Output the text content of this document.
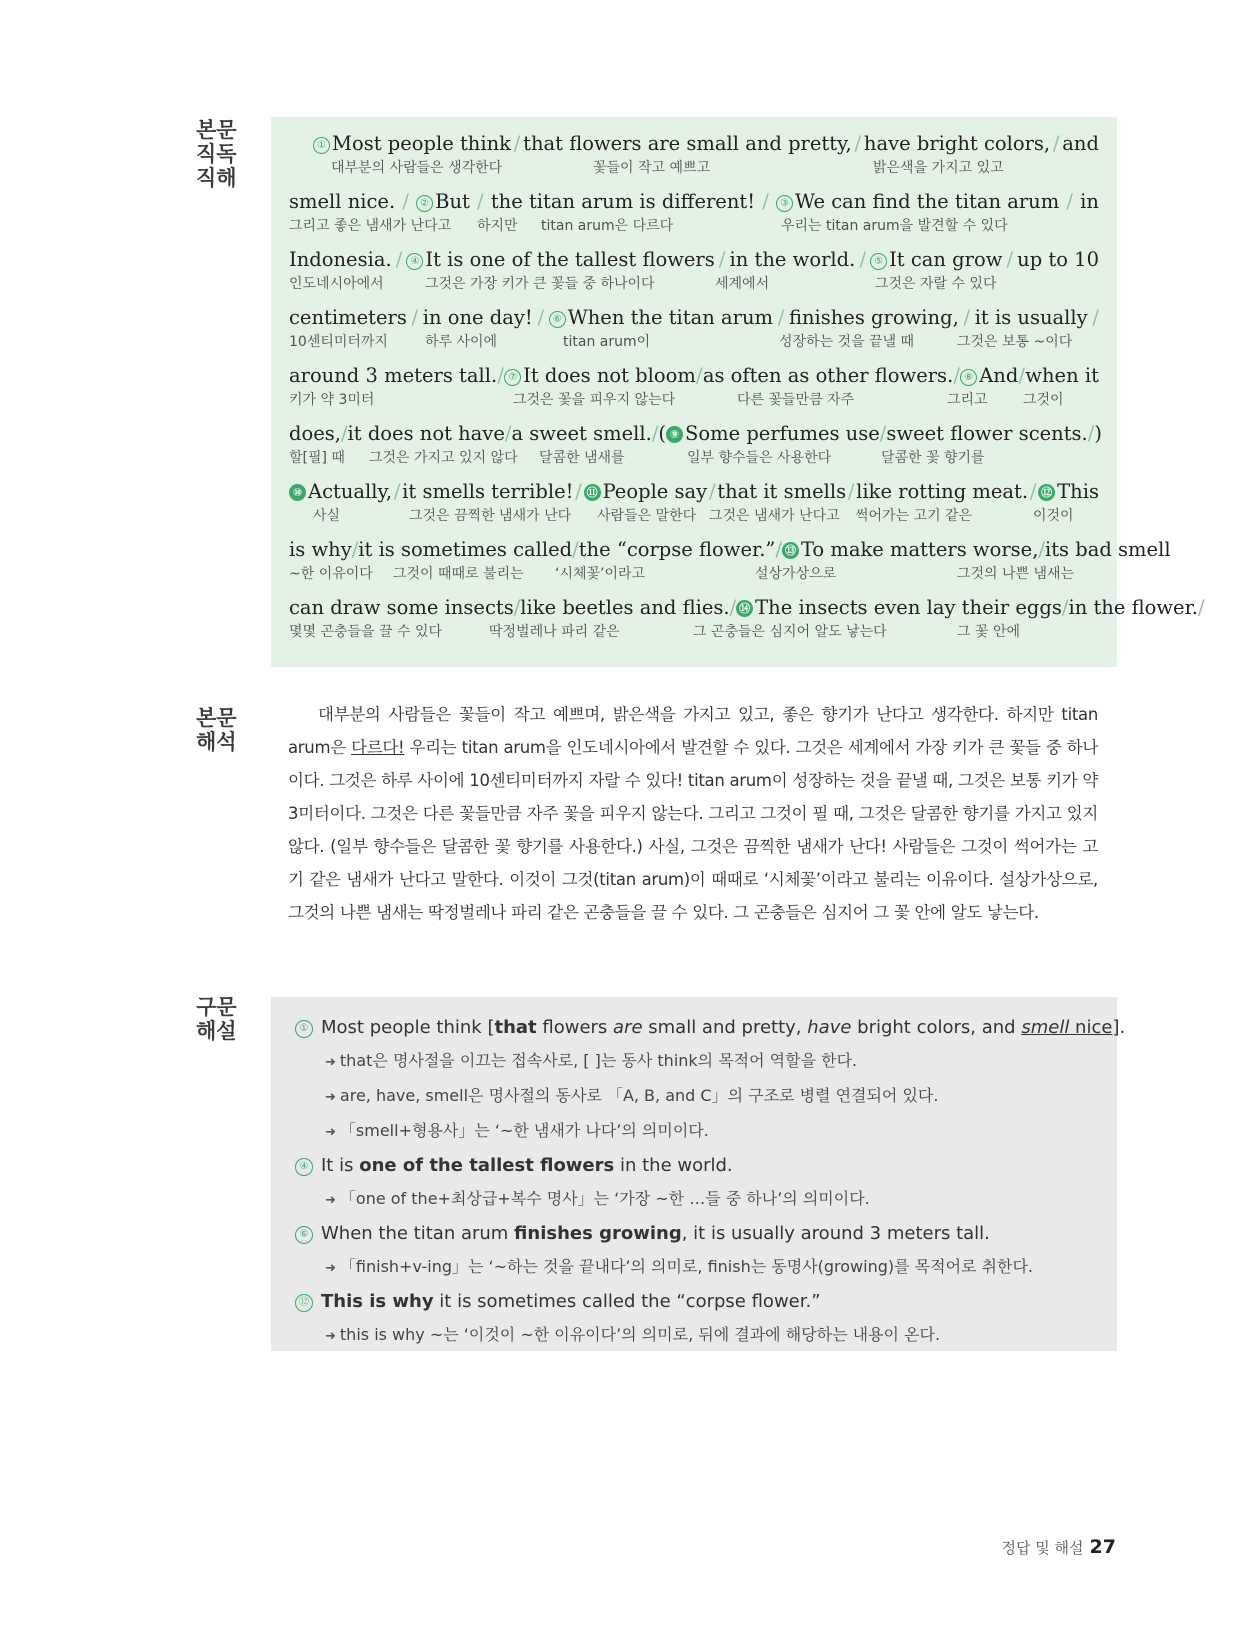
본문
직독
직해
본문
해석
구문
해설
① Most people think / that flowers are small and pretty, / have bright colors, / and
대부분의 사람들은 생각한다	꽃들이 작고 예쁘고	밝은색을 가지고 있고
smell nice. /	② But / the titan arum is different! /	③ We can find the titan arum / in
그리고 좋은 냄새가 난다고 하지만 titan arum은 다르다	우리는 titan arum을 발견할 수 있다
Indonesia. / ④ It is one of the tallest flowers / in the world. / ⑤ It can grow / up to 10
인도네시아에서	그것은 가장 키가 큰 꽃들 중 하나이다	세계에서	그것은 자랄 수 있다
centimeters / in one day! / ⑥ When the titan arum / finishes growing, / it is usually /
10센티미터까지	하루 사이에	titan arum이	성장하는 것을 끝낼 때	그것은 보통 ~이다
around 3 meters tall. / ⑦ It does not bloom / as often as other flowers. / ⑧ And / when it
키가 약 3미터	그것은 꽃을 피우지 않는다	다른 꽃들만큼 자주	그리고	그것이
does, / it does not have / a sweet smell. / ( ⑨ Some perfumes use / sweet flower scents. /)
할[필] 때 그것은 가지고 있지 않다 달콤한 냄새를	일부 향수들은 사용한다	달콤한 꽃 향기를
⑩ Actually, / it smells terrible! / ⑪ People say / that it smells / like rotting meat. / ⑫ This
사실	그것은 끔찍한 냄새가 난다 사람들은 말한다 그것은 냄새가 난다고 썩어가는 고기 같은	이것이
is why / it is sometimes called / the “corpse flower.” / ⑬ To make matters worse, / its bad smell
~한 이유이다 그것이 때때로 불리는 ‘시체꽃’이라고	설상가상으로	그것의 나쁜 냄새는
can draw some insects / like beetles and flies. / ⑭ The insects even lay their eggs / in the flower. /
몇몇 곤충들을 끌 수 있다	딱정벌레나 파리 같은	그 곤충들은 심지어 알도 낳는다	그 꽃 안에

대부분의 사람들은 꽃들이 작고 예쁘며, 밝은색을 가지고 있고, 좋은 향기가 난다고 생각한다. 하지만 titan arum은 다르다! 우리는 titan arum을 인도네시아에서 발견할 수 있다. 그것은 세계에서 가장 키가 큰 꽃들 중 하나이다. 그것은 하루 사이에 10센티미터까지 자랄 수 있다! titan arum이 성장하는 것을 끝낼 때, 그것은 보통 키가 약 3미터이다. 그것은 다른 꽃들만큼 자주 꽃을 피우지 않는다. 그리고 그것이 필 때, 그것은 달콤한 향기를 가지고 있지 않다. (일부 향수들은 달콤한 꽃 향기를 사용한다.) 사실, 그것은 끔찍한 냄새가 난다! 사람들은 그것이 썩어가는 고기 같은 냄새가 난다고 말한다. 이것이 그것(titan arum)이 때때로 ‘시체꽃’이라고 불리는 이유이다. 설상가상으로, 그것의 나쁜 냄새는 딱정벌레나 파리 같은 곤충들을 끌 수 있다. 그 곤충들은 심지어 그 꽃 안에 알도 낳는다.

① Most people think [that flowers are small and pretty, have bright colors, and smell nice].

➜ that은 명사절을 이끄는 접속사로, [ ]는 동사 think의 목적어 역할을 한다.

➜ are, have, smell은 명사절의 동사로 「A, B, and C」의 구조로 병렬 연결되어 있다.

➜ 「smell+형용사」는 ‘~한 냄새가 나다’의 의미이다.

④ It is one of the tallest flowers in the world.

➜ 「one of the+최상급+복수 명사」는 ‘가장 ~한 …들 중 하나’의 의미이다.

⑥ When the titan arum finishes growing, it is usually around 3 meters tall.

➜ 「finish+v-ing」는 ‘~하는 것을 끝내다’의 의미로, finish는 동명사(growing)를 목적어로 취한다.

⑫ This is why it is sometimes called the “corpse flower.”

➜ this is why ~는 ‘이것이 ~한 이유이다’의 의미로, 뒤에 결과에 해당하는 내용이 온다.

정답 및 해설 27
